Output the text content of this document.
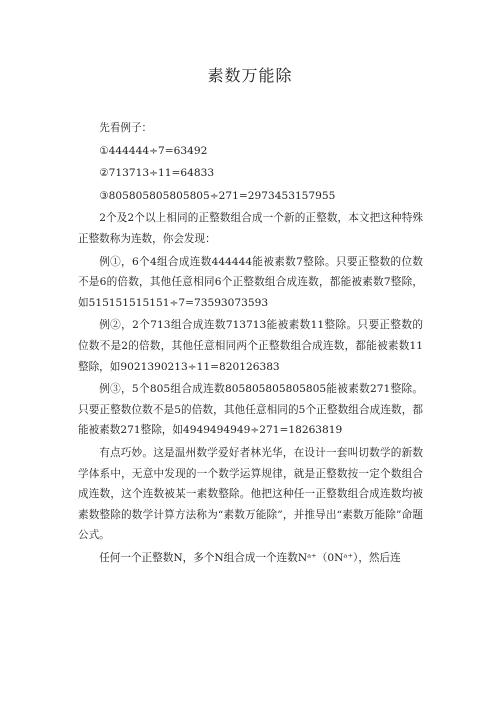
素数万能除

先看例子：

①444444÷7=63492

②713713÷11=64833

③805805805805805÷271=2973453157955

2个及2个以上相同的正整数组合成一个新的正整数，本文把这种特殊正整数称为连数，你会发现：

例①，6个4组合成连数444444能被素数7整除。只要正整数的位数不是6的倍数，其他任意相同6个正整数组合成连数，都能被素数7整除，如515151515151÷7=73593073593

例②，2个713组合成连数713713能被素数11整除。只要正整数的位数不是2的倍数，其他任意相同两个正整数组合成连数，都能被素数11整除，如9021390213÷11=820126383

例③，5个805组合成连数805805805805805能被素数271整除。只要正整数位数不是5的倍数，其他任意相同的5个正整数组合成连数，都能被素数271整除，如4949494949÷271=18263819

有点巧妙。这是温州数学爱好者林光华，在设计一套叫切数学的新数学体系中，无意中发现的一个数学运算规律，就是正整数按一定个数组合成连数，这个连数被某一素数整除。他把这种任一正整数组合成连数均被素数整除的数学计算方法称为“素数万能除”，并推导出“素数万能除”命题公式。

任何一个正整数N，多个N组合成一个连数Nᵃ⁺（0Nᵃ⁺），然后连
